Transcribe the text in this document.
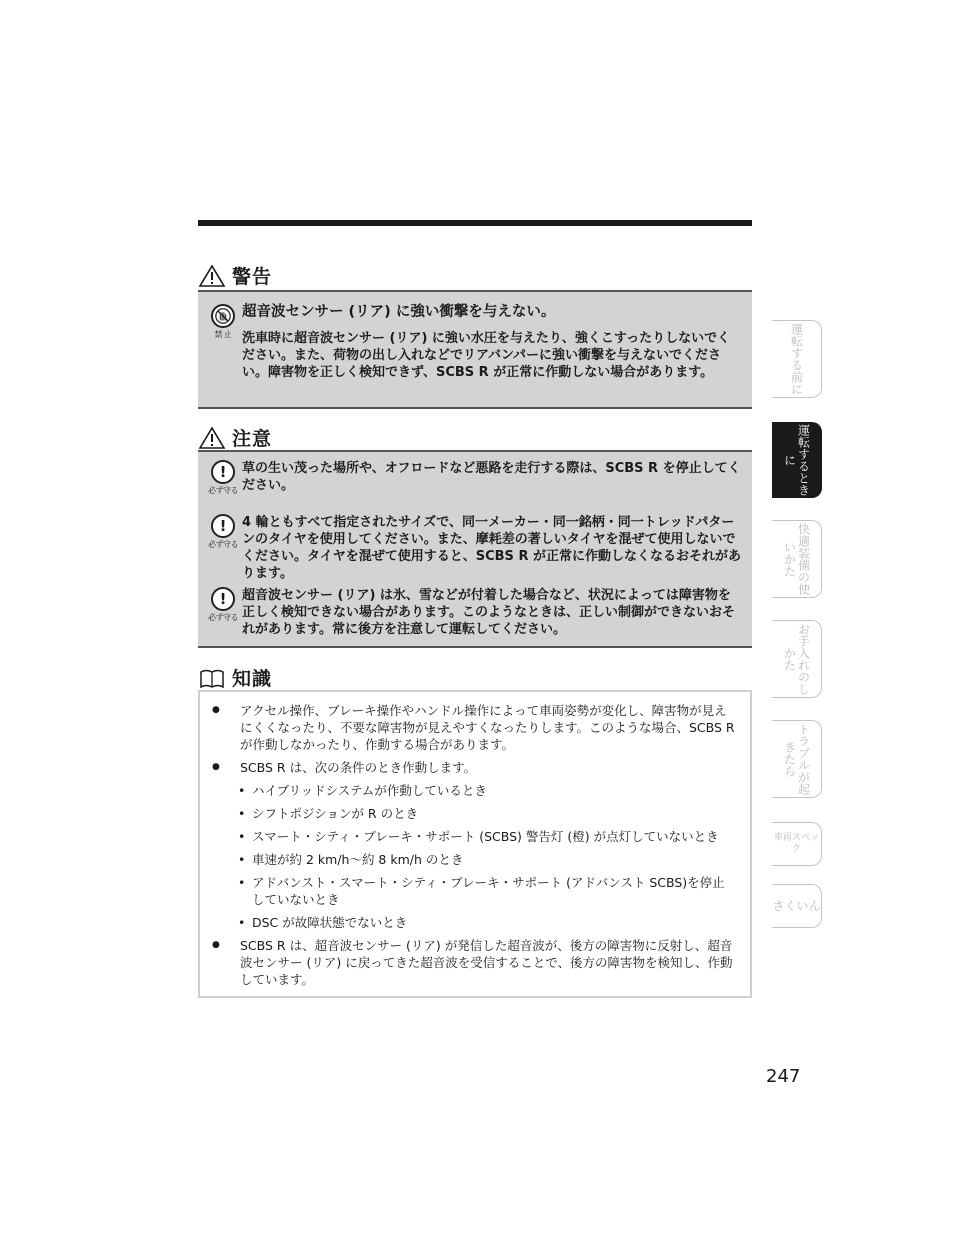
警告
禁 止
超音波センサー (リア) に強い衝撃を与えない。
洗車時に超音波センサー (リア) に強い水圧を与えたり、強くこすったりしないでください。また、荷物の出し入れなどでリアバンパーに強い衝撃を与えないでください。障害物を正しく検知できず、SCBS R が正常に作動しない場合があります。
注意
!
必ず守る
草の生い茂った場所や、オフロードなど悪路を走行する際は、SCBS R を停止してください。
!
必ず守る
4 輪ともすべて指定されたサイズで、同一メーカー・同一銘柄・同一トレッドパターンのタイヤを使用してください。また、摩耗差の著しいタイヤを混ぜて使用しないでください。タイヤを混ぜて使用すると、SCBS R が正常に作動しなくなるおそれがあります。
!
必ず守る
超音波センサー (リア) は氷、雪などが付着した場合など、状況によっては障害物を正しく検知できない場合があります。このようなときは、正しい制御ができないおそれがあります。常に後方を注意して運転してください。
知識
● アクセル操作、ブレーキ操作やハンドル操作によって車両姿勢が変化し、障害物が見えにくくなったり、不要な障害物が見えやすくなったりします。このような場合、SCBS R が作動しなかったり、作動する場合があります。
● SCBS R は、次の条件のとき作動します。
• ハイブリッドシステムが作動しているとき
• シフトポジションが R のとき
• スマート・シティ・ブレーキ・サポート (SCBS) 警告灯 (橙) が点灯していないとき
• 車速が約 2 km/h〜約 8 km/h のとき
• アドバンスト・スマート・シティ・ブレーキ・サポート (アドバンスト SCBS)を停止していないとき
• DSC が故障状態でないとき
● SCBS R は、超音波センサー (リア) が発信した超音波が、後方の障害物に反射し、超音波センサー (リア) に戻ってきた超音波を受信することで、後方の障害物を検知し、作動しています。
運転する前に
運転するときに
快適装備の使いかた
お手入れのしかた
トラブルが起きたら
車両スペック
さくいん
247
